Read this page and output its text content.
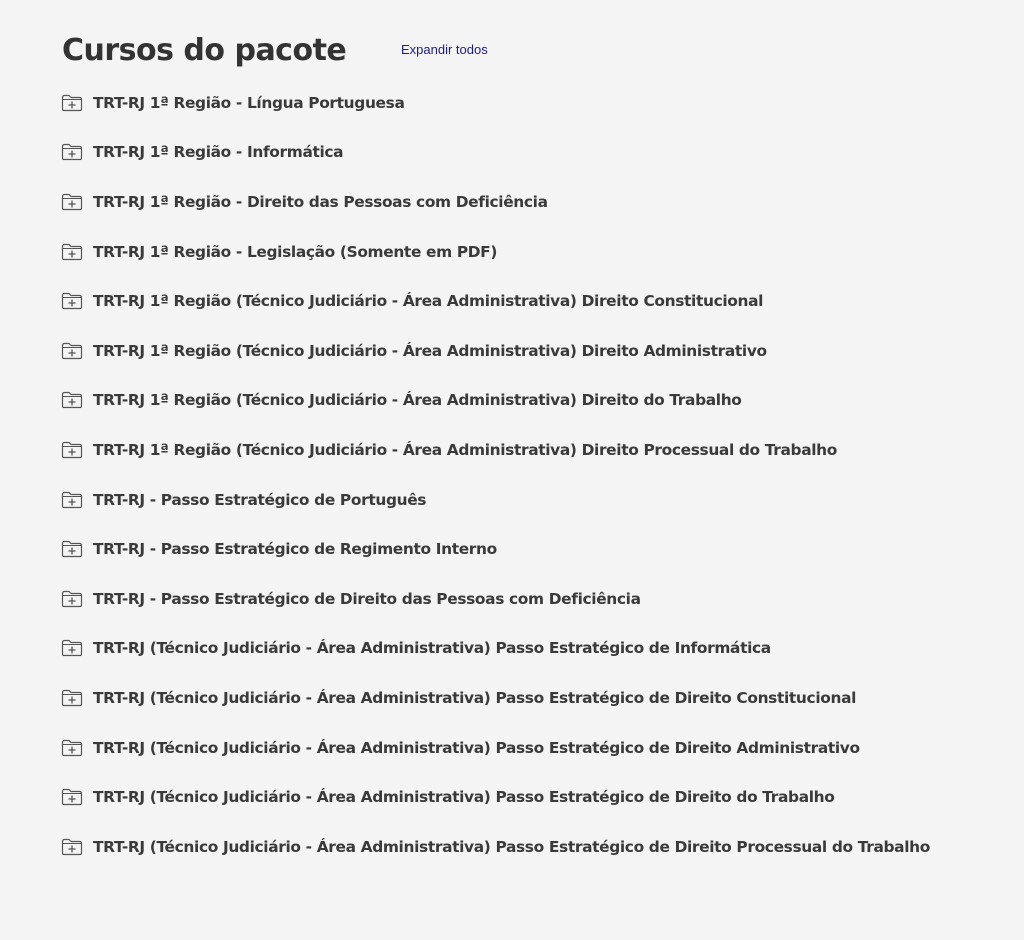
Cursos do pacote	Expandir todos
TRT-RJ 1ª Região - Língua Portuguesa
TRT-RJ 1ª Região - Informática
TRT-RJ 1ª Região - Direito das Pessoas com Deficiência
TRT-RJ 1ª Região - Legislação (Somente em PDF)
TRT-RJ 1ª Região (Técnico Judiciário - Área Administrativa) Direito Constitucional
TRT-RJ 1ª Região (Técnico Judiciário - Área Administrativa) Direito Administrativo
TRT-RJ 1ª Região (Técnico Judiciário - Área Administrativa) Direito do Trabalho
TRT-RJ 1ª Região (Técnico Judiciário - Área Administrativa) Direito Processual do Trabalho
TRT-RJ - Passo Estratégico de Português
TRT-RJ - Passo Estratégico de Regimento Interno
TRT-RJ - Passo Estratégico de Direito das Pessoas com Deficiência
TRT-RJ (Técnico Judiciário - Área Administrativa) Passo Estratégico de Informática
TRT-RJ (Técnico Judiciário - Área Administrativa) Passo Estratégico de Direito Constitucional
TRT-RJ (Técnico Judiciário - Área Administrativa) Passo Estratégico de Direito Administrativo
TRT-RJ (Técnico Judiciário - Área Administrativa) Passo Estratégico de Direito do Trabalho
TRT-RJ (Técnico Judiciário - Área Administrativa) Passo Estratégico de Direito Processual do Trabalho
